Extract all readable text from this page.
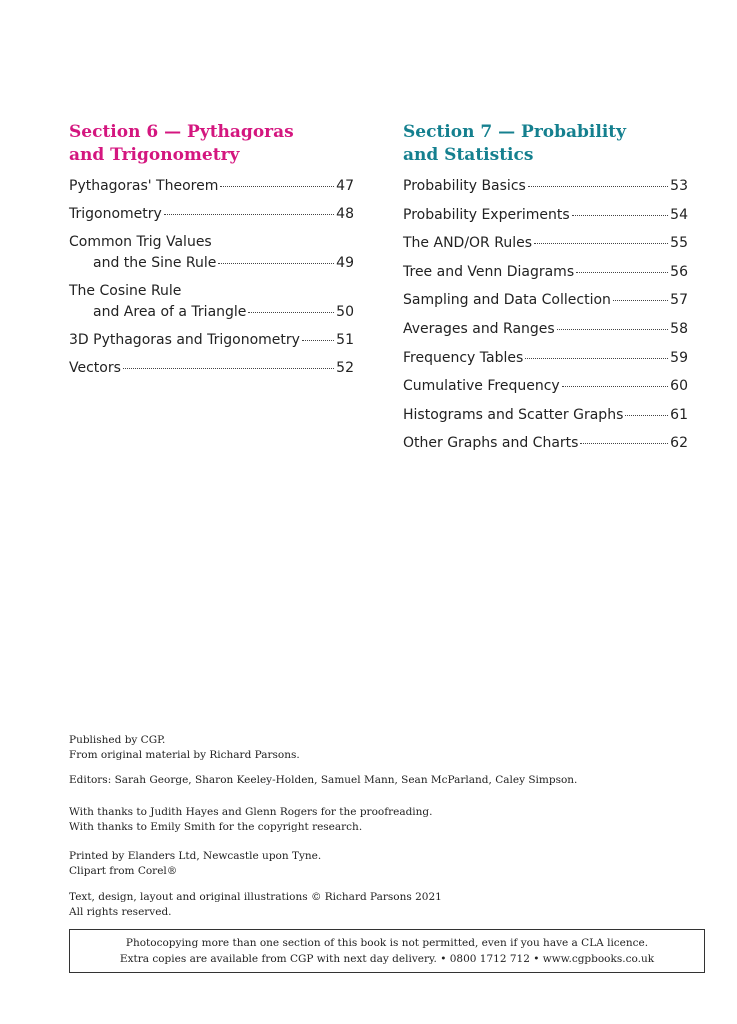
Section 6 — Pythagoras
and Trigonometry
Pythagoras' Theorem	47
Trigonometry	48
Common Trig Values
and the Sine Rule	49
The Cosine Rule
and Area of a Triangle	50
3D Pythagoras and Trigonometry	51
Vectors	52
Section 7 — Probability
and Statistics
Probability Basics	53
Probability Experiments	54
The AND/OR Rules	55
Tree and Venn Diagrams	56
Sampling and Data Collection	57
Averages and Ranges	58
Frequency Tables	59
Cumulative Frequency	60
Histograms and Scatter Graphs	61
Other Graphs and Charts	62

Published by CGP.

From original material by Richard Parsons.

Editors: Sarah George, Sharon Keeley-Holden, Samuel Mann, Sean McParland, Caley Simpson.

With thanks to Judith Hayes and Glenn Rogers for the proofreading.

With thanks to Emily Smith for the copyright research.

Printed by Elanders Ltd, Newcastle upon Tyne.

Clipart from Corel®

Text, design, layout and original illustrations © Richard Parsons 2021

All rights reserved.

Photocopying more than one section of this book is not permitted, even if you have a CLA licence.

Extra copies are available from CGP with next day delivery. • 0800 1712 712 • www.cgpbooks.co.uk
